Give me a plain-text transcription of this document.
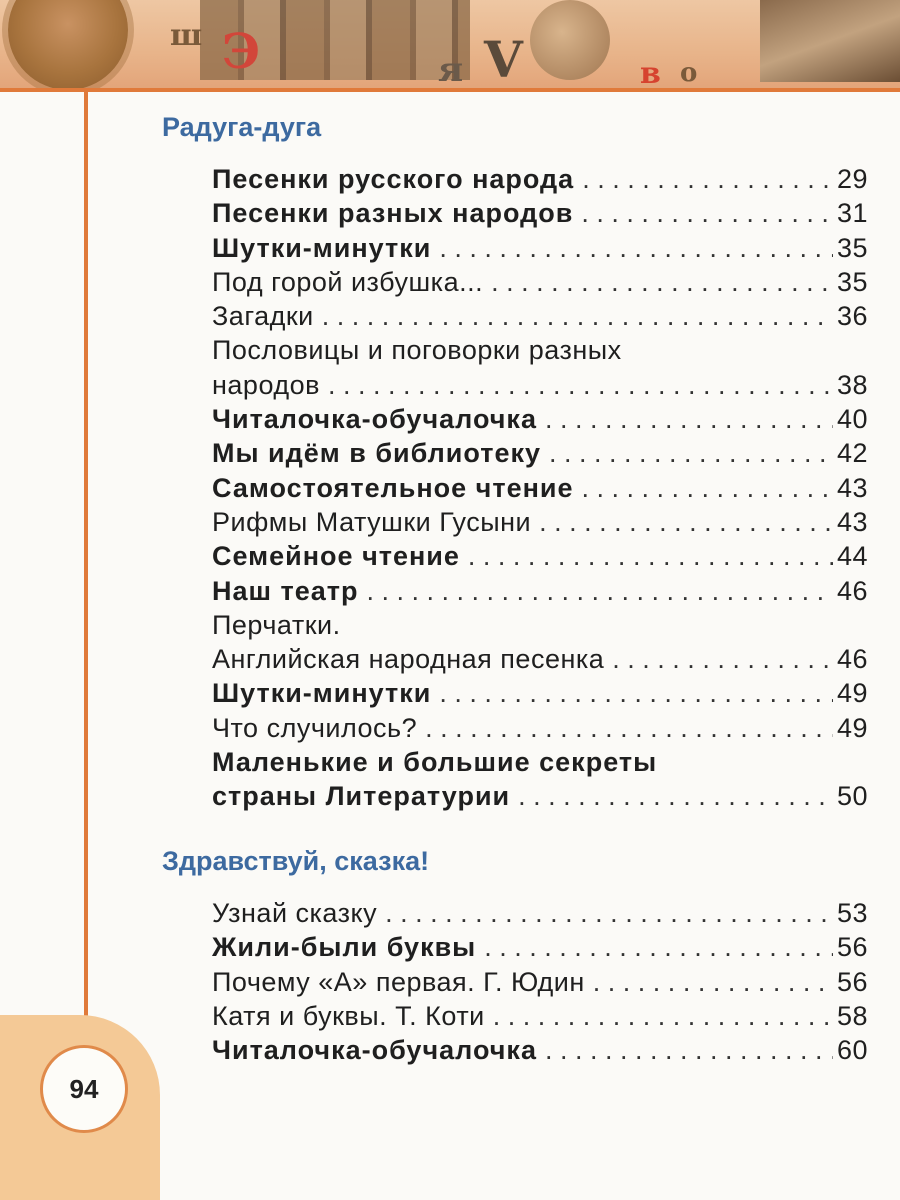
ш Э	я V	в о
94
Радуга-дуга
Песенки русского народа . . .	29
Песенки разных народов . . .	31
Шутки-минутки . . .	35
Под горой избушка... . . .	35
Загадки . . .	36
Пословицы и поговорки разных
народов . . .	38
Читалочка-обучалочка . . .	40
Мы идём в библиотеку . . .	42
Самостоятельное чтение . . .	43
Рифмы Матушки Гусыни . . .	43
Семейное чтение . . .	44
Наш театр . . .	46
Перчатки.
Английская народная песенка . . .	46
Шутки-минутки . . .	49
Что случилось? . . .	49
Маленькие и большие секреты
страны Литературии . . .	50
Здравствуй, сказка!
Узнай сказку . . .	53
Жили-были буквы . . .	56
Почему «А» первая. Г. Юдин . . .	56
Катя и буквы. Т. Коти . . .	58
Читалочка-обучалочка . . .	60
